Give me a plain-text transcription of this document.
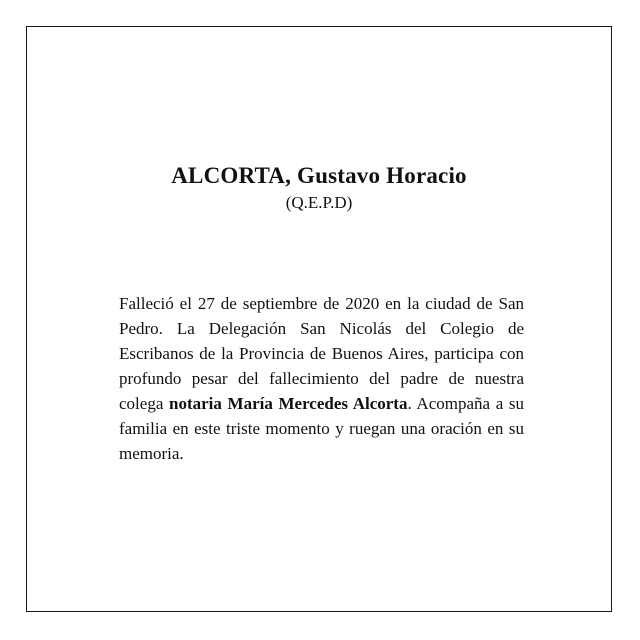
ALCORTA, Gustavo Horacio
(Q.E.P.D)

Falleció el 27 de septiembre de 2020 en la ciudad de San Pedro. La Delegación San Nicolás del Colegio de Escribanos de la Provincia de Buenos Aires, participa con profundo pesar del fallecimiento del padre de nuestra colega notaria María Mercedes Alcorta. Acompaña a su familia en este triste momento y ruegan una oración en su memoria.
